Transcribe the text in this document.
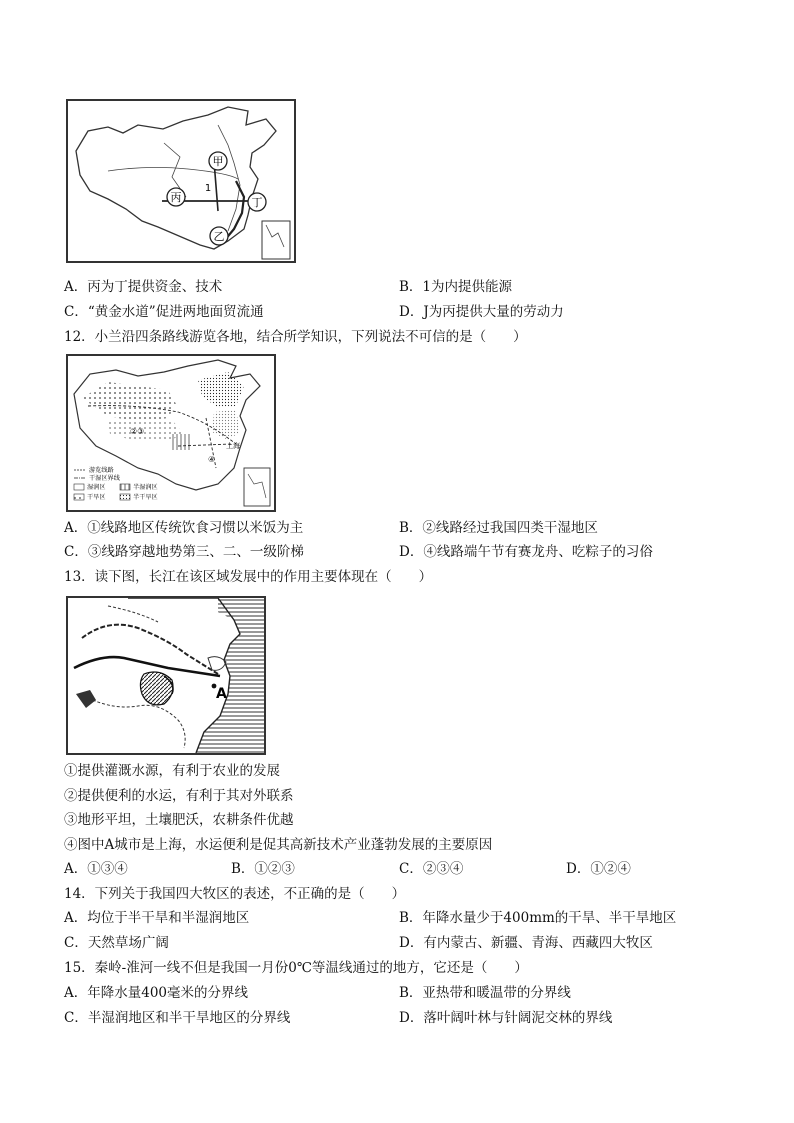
甲
丙	丁
乙
1
A．丙为丁提供资金、技术	B．1为内提供能源
C．“黄金水道”促进两地面贸流通	D．J为丙提供大量的劳动力
12．小兰沿四条路线游览各地，结合所学知识，下列说法不可信的是（　　）
上海
②③
④
游览线路
干湿区界线
湿润区	半湿润区
干旱区	半干旱区
A．①线路地区传统饮食习惯以米饭为主	B．②线路经过我国四类干湿地区
C．③线路穿越地势第三、二、一级阶梯	D．④线路端午节有赛龙舟、吃粽子的习俗
13．读下图，长江在该区域发展中的作用主要体现在（　　）
A
①提供灌溉水源，有利于农业的发展
②提供便利的水运，有利于其对外联系
③地形平坦，土壤肥沃，农耕条件优越
④图中A城市是上海，水运便利是促其高新技术产业蓬勃发展的主要原因
A．①③④	B．①②③	C．②③④	D．①②④
14．下列关于我国四大牧区的表述，不正确的是（　　）
A．均位于半干旱和半湿润地区	B．年降水量少于400mm的干旱、半干旱地区
C．天然草场广阔	D．有内蒙古、新疆、青海、西藏四大牧区
15．秦岭-淮河一线不但是我国一月份0℃等温线通过的地方，它还是（　　）
A．年降水量400毫米的分界线	B．亚热带和暖温带的分界线
C．半湿润地区和半干旱地区的分界线	D．落叶阔叶林与针阔泥交林的界线
